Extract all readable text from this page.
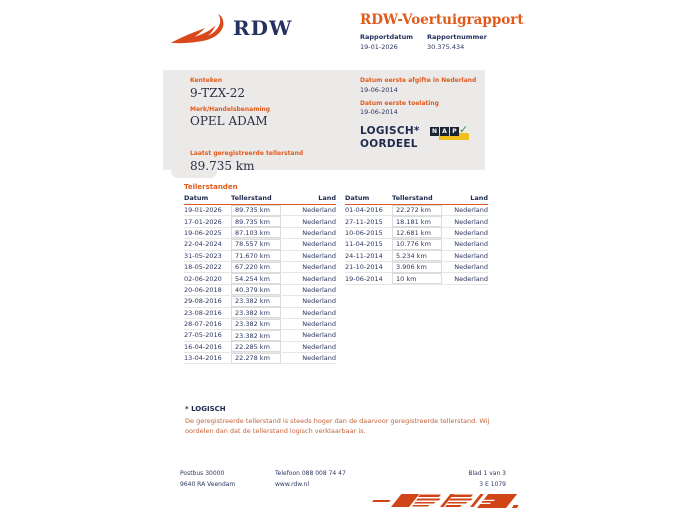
RDW	RDW-Voertuigrapport
Rapportdatum
19-01-2026
Rapportnummer
30.375.434
Kenteken
9-TZX-22
Merk/Handelsbenaming
OPEL ADAM
Laatst geregistreerde tellerstand
89.735 km
Datum eerste afgifte in Nederland
19-06-2014
Datum eerste toelating
19-06-2014
LOGISCH*
OORDEEL
N A P ✓
Tellerstanden
Datum	Tellerstand	Land
19-01-2026	89.735 km	Nederland
17-01-2026	89.735 km	Nederland
19-06-2025	87.103 km	Nederland
22-04-2024	78.557 km	Nederland
31-05-2023	71.670 km	Nederland
18-05-2022	67.220 km	Nederland
02-06-2020	54.254 km	Nederland
20-06-2018	40.379 km	Nederland
29-08-2016	23.382 km	Nederland
23-08-2016	23.382 km	Nederland
28-07-2016	23.382 km	Nederland
27-05-2016	23.382 km	Nederland
16-04-2016	22.285 km	Nederland
13-04-2016	22.278 km	Nederland
Datum	Tellerstand	Land
01-04-2016	22.272 km	Nederland
27-11-2015	18.181 km	Nederland
10-06-2015	12.681 km	Nederland
11-04-2015	10.776 km	Nederland
24-11-2014	5.234 km	Nederland
21-10-2014	3.906 km	Nederland
19-06-2014	10 km	Nederland
* LOGISCH
De geregistreerde tellerstand is steeds hoger dan de daarvoor geregistreerde tellerstand. Wij oordelen dan dat de tellerstand logisch verklaarbaar is.
Postbus 30000
9640 RA Veendam
Telefoon 088 008 74 47
www.rdw.nl
Blad 1 van 3
3 E 1079
